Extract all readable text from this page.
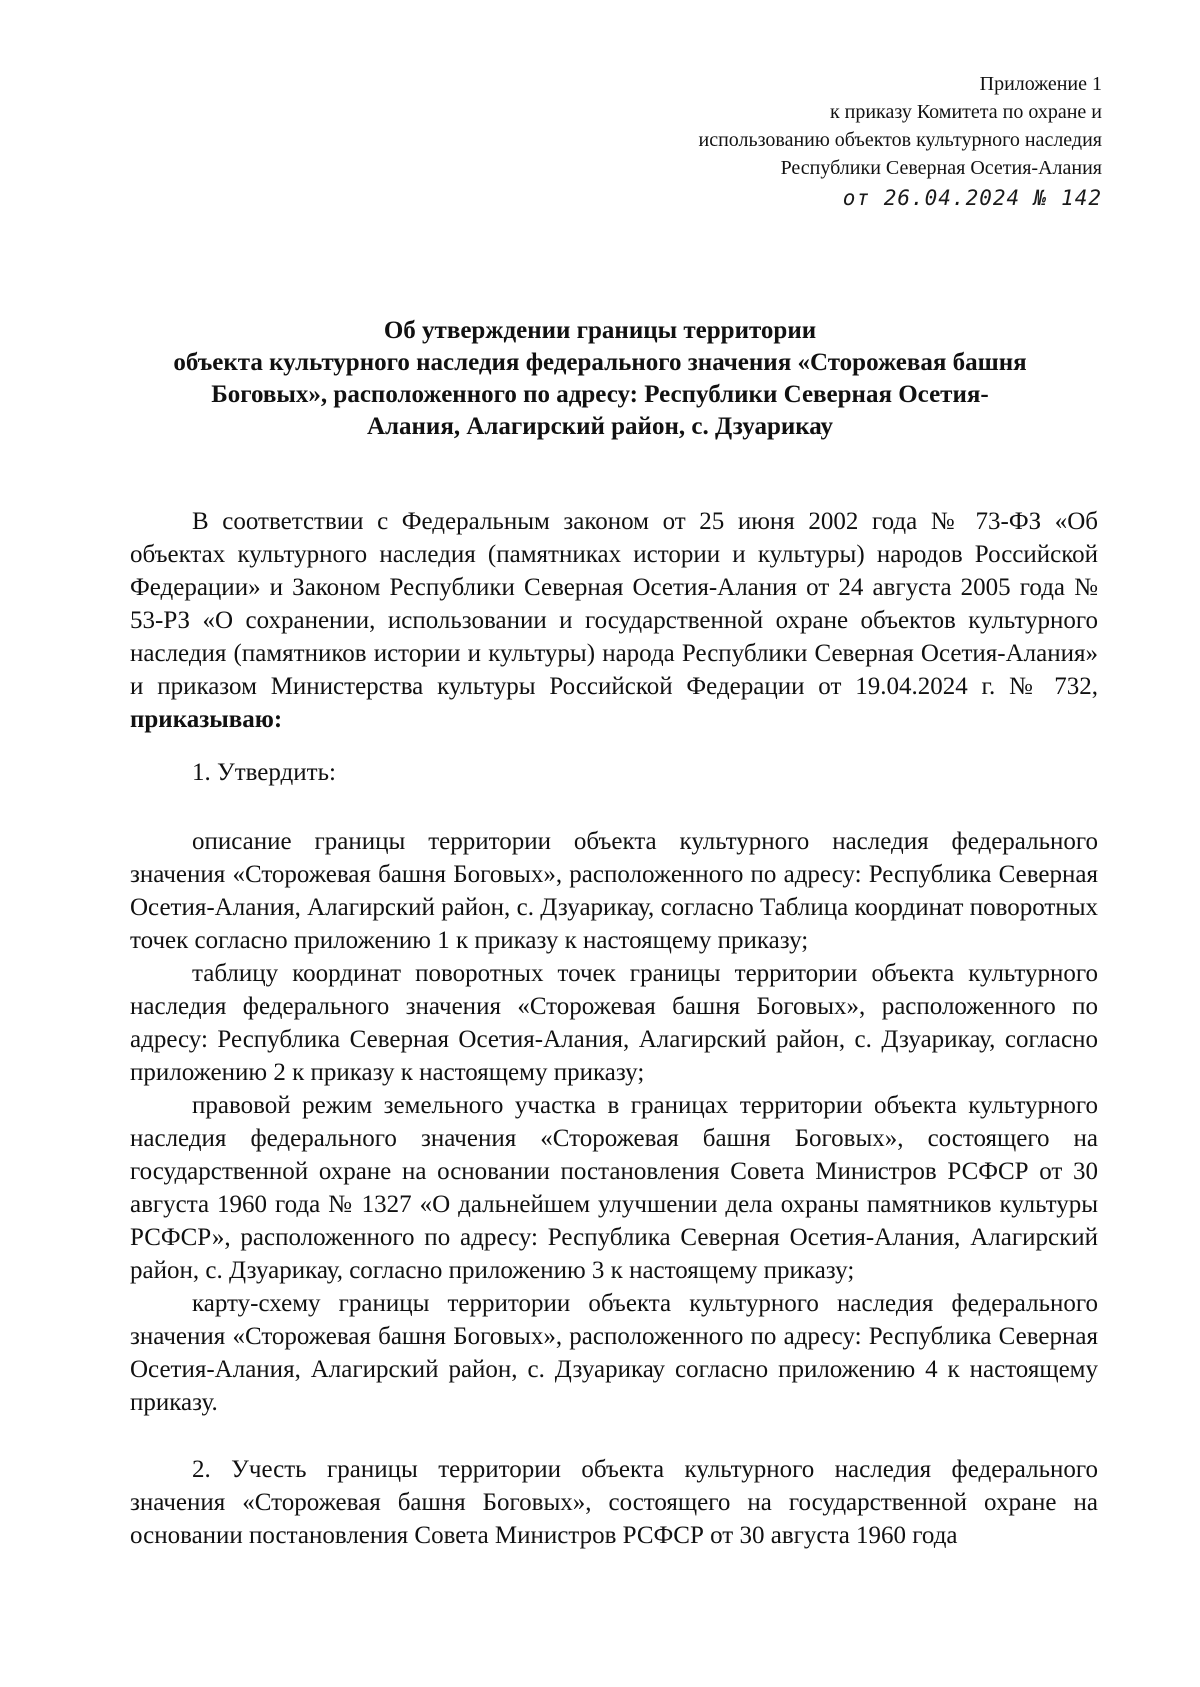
Приложение 1
к приказу Комитета по охране и
использованию объектов культурного наследия
Республики Северная Осетия-Алания
от 26.04.2024 № 142
Об утверждении границы территории
объекта культурного наследия федерального значения «Сторожевая башня
Боговых», расположенного по адресу: Республики Северная Осетия-
Алания, Алагирский район, с. Дзуарикау

В соответствии с Федеральным законом от 25 июня 2002 года № 73-ФЗ «Об объектах культурного наследия (памятниках истории и культуры) народов Российской Федерации» и Законом Республики Северная Осетия-Алания от 24 августа 2005 года № 53-РЗ «О сохранении, использовании и государственной охране объектов культурного наследия (памятников истории и культуры) народа Республики Северная Осетия-Алания» и приказом Министерства культуры Российской Федерации от 19.04.2024 г. № 732, приказываю:

1. Утвердить:

описание границы территории объекта культурного наследия федерального значения «Сторожевая башня Боговых», расположенного по адресу: Республика Северная Осетия-Алания, Алагирский район, с. Дзуарикау, согласно Таблица координат поворотных точек согласно приложению 1 к приказу к настоящему приказу;

таблицу координат поворотных точек границы территории объекта культурного наследия федерального значения «Сторожевая башня Боговых», расположенного по адресу: Республика Северная Осетия-Алания, Алагирский район, с. Дзуарикау, согласно приложению 2 к приказу к настоящему приказу;

правовой режим земельного участка в границах территории объекта культурного наследия федерального значения «Сторожевая башня Боговых», состоящего на государственной охране на основании постановления Совета Министров РСФСР от 30 августа 1960 года № 1327 «О дальнейшем улучшении дела охраны памятников культуры РСФСР», расположенного по адресу: Республика Северная Осетия-Алания, Алагирский район, с. Дзуарикау, согласно приложению 3 к настоящему приказу;

карту-схему границы территории объекта культурного наследия федерального значения «Сторожевая башня Боговых», расположенного по адресу: Республика Северная Осетия-Алания, Алагирский район, с. Дзуарикау согласно приложению 4 к настоящему приказу.

2. Учесть границы территории объекта культурного наследия федерального значения «Сторожевая башня Боговых», состоящего на государственной охране на основании постановления Совета Министров РСФСР от 30 августа 1960 года
